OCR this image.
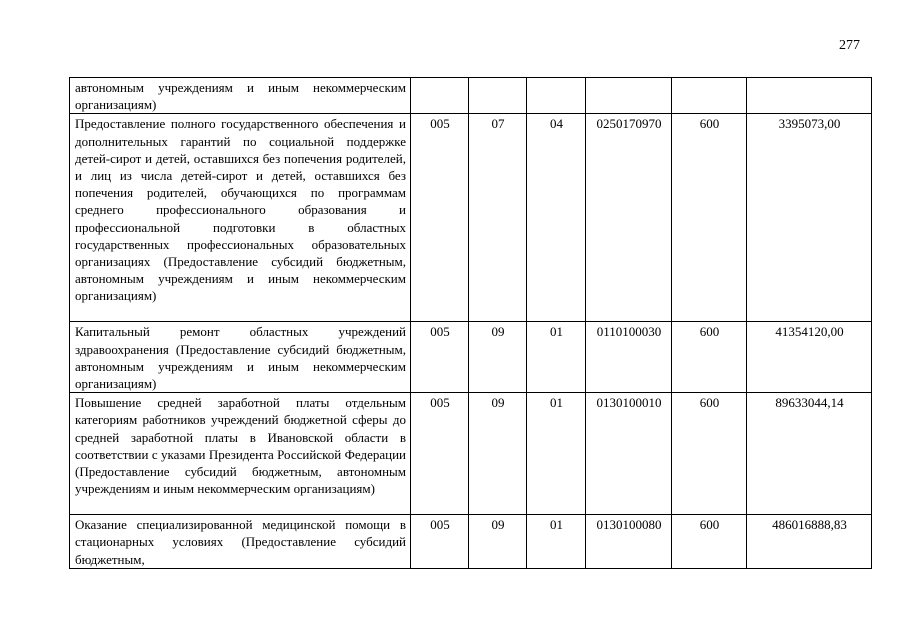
277
автономным учреждениям и иным некоммерческим организациям)						
Предоставление полного государственного обеспечения и дополнительных гарантий по социальной поддержке детей-сирот и детей, оставшихся без попечения родителей, и лиц из числа детей-сирот и детей, оставшихся без попечения родителей, обучающихся по программам среднего профессионального образования и профессиональной подготовки в областных государственных профессиональных образовательных организациях (Предоставление субсидий бюджетным, автономным учреждениям и иным некоммерческим организациям)	005	07	04	0250170970	600	3395073,00
Капитальный ремонт областных учреждений здравоохранения (Предоставление субсидий бюджетным, автономным учреждениям и иным некоммерческим организациям)	005	09	01	0110100030	600	41354120,00
Повышение средней заработной платы отдельным категориям работников учреждений бюджетной сферы до средней заработной платы в Ивановской области в соответствии с указами Президента Российской Федерации (Предоставление субсидий бюджетным, автономным учреждениям и иным некоммерческим организациям)	005	09	01	0130100010	600	89633044,14
Оказание специализированной медицинской помощи в стационарных условиях (Предоставление субсидий бюджетным,	005	09	01	0130100080	600	486016888,83
